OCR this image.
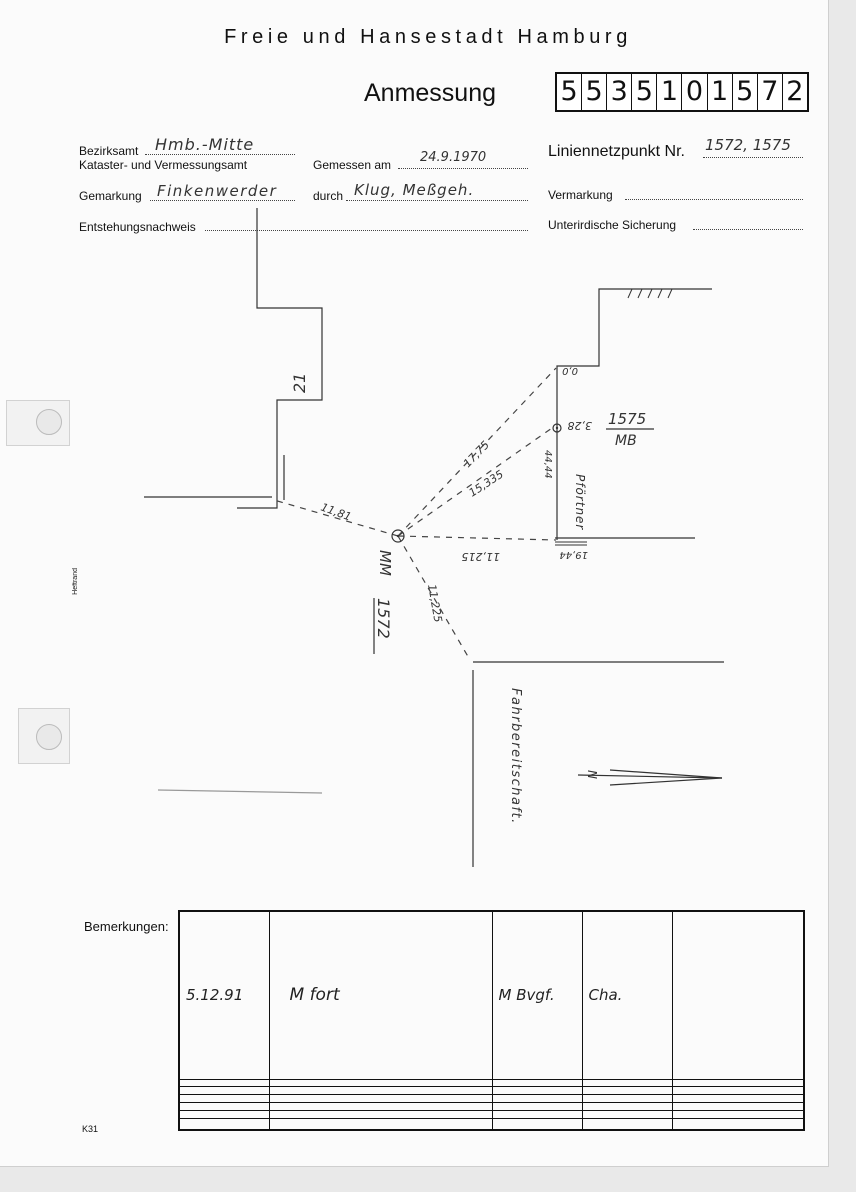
Freie und Hansestadt Hamburg
Anmessung 5 5 3 5 1 0 1 5 7 2
Bezirksamt Hmb.-Mitte
Kataster- und Vermessungsamt	Gemessen am 24.9.1970	Liniennetzpunkt Nr. 1572, 1575
Gemarkung Finkenwerder	durch Klug, Meßgeh.	Vermarkung
Entstehungsnachweis	Unterirdische Sicherung
Heftrand
21
11,81
17,75
15,335
11,215
11,225
0,0
3,28
44,44
19,44
MM
1572
1575
MB
Pförtner
Fahrbereitschaft.	N
Bemerkungen:
5.12.91	M fort	M Bvgf.	Cha.	

K31
